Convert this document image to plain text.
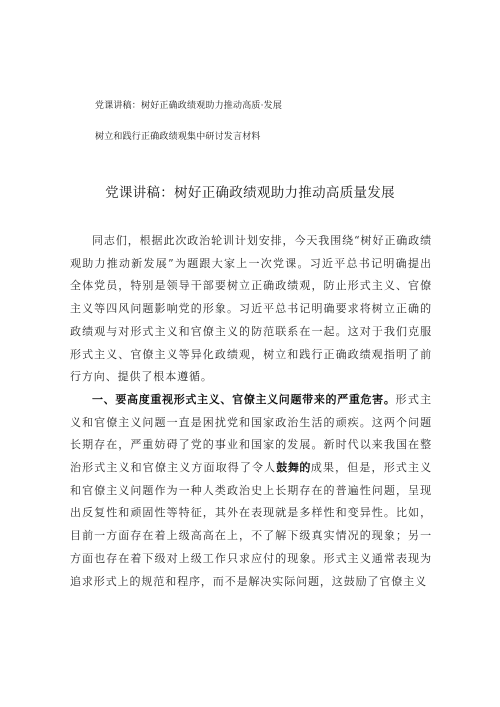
党课讲稿：树好正确政绩观助力推动高质·发展
树立和践行正确政绩观集中研讨发言材料
党课讲稿：树好正确政绩观助力推动高质量发展

同志们，根据此次政治轮训计划安排，今天我围绕“树好正确政绩观助力推动新发展”为题跟大家上一次党课。习近平总书记明确提出全体党员，特别是领导干部要树立正确政绩观，防止形式主义、官僚主义等四风问题影响党的形象。习近平总书记明确要求将树立正确的政绩观与对形式主义和官僚主义的防范联系在一起。这对于我们克服形式主义、官僚主义等异化政绩观，树立和践行正确政绩观指明了前行方向、提供了根本遵循。

一、要高度重视形式主义、官僚主义问题带来的严重危害。形式主义和官僚主义问题一直是困扰党和国家政治生活的顽疾。这两个问题长期存在，严重妨碍了党的事业和国家的发展。新时代以来我国在整治形式主义和官僚主义方面取得了令人鼓舞的成果，但是，形式主义和官僚主义问题作为一种人类政治史上长期存在的普遍性问题，呈现出反复性和顽固性等特征，其外在表现就是多样性和变异性。比如，目前一方面存在着上级高高在上，不了解下级真实情况的现象；另一方面也存在着下级对上级工作只求应付的现象。形式主义通常表现为追求形式上的规范和程序，而不是解决实际问题，这鼓励了官僚主义
